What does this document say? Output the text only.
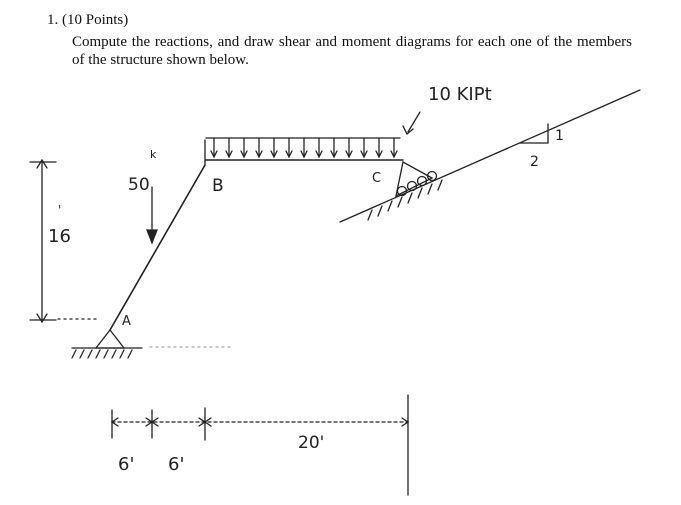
1. (10 Points)
Compute the reactions, and draw shear and moment diagrams for each one of the members of the structure shown below.
10 KIPt
50
k
B
A
C
16
'
1
2
6' 6'
20'
